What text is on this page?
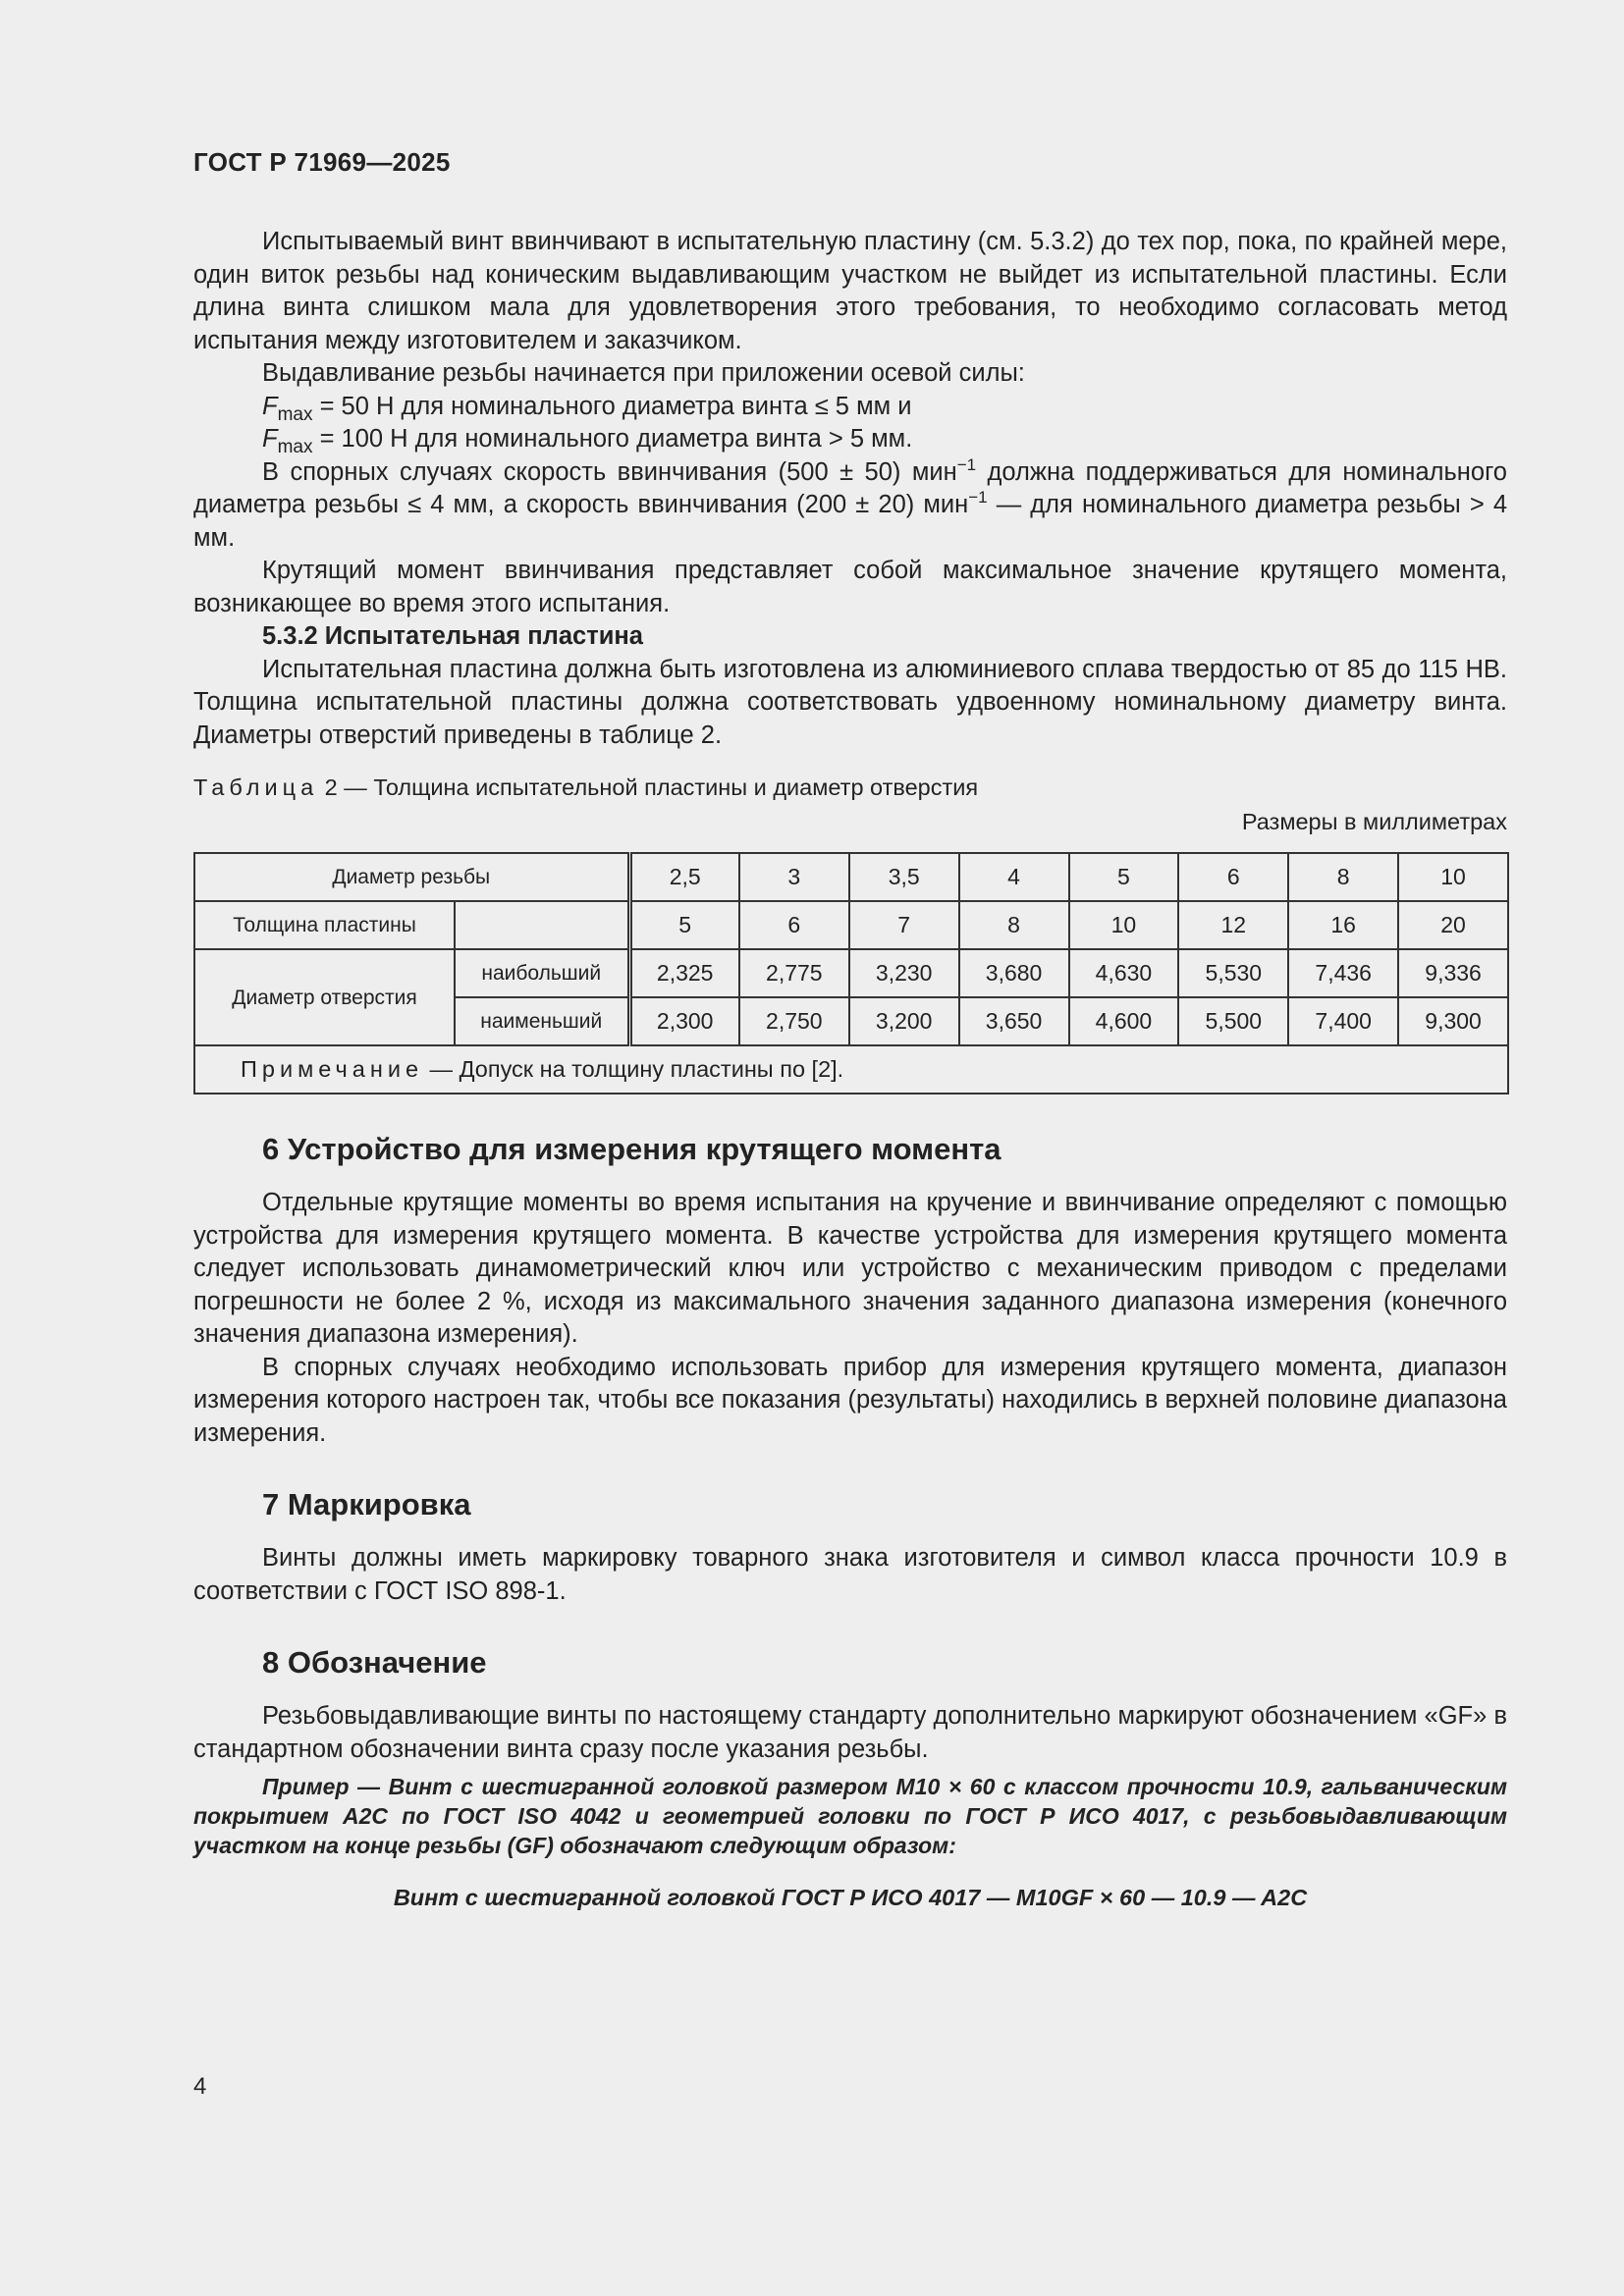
ГОСТ Р 71969—2025

Испытываемый винт ввинчивают в испытательную пластину (см. 5.3.2) до тех пор, пока, по крайней мере, один виток резьбы над коническим выдавливающим участком не выйдет из испытательной пластины. Если длина винта слишком мала для удовлетворения этого требования, то необходимо согласовать метод испытания между изготовителем и заказчиком.

Выдавливание резьбы начинается при приложении осевой силы:

$F_{max} = 50$ Н для номинального диаметра винта ≤ 5 мм и

$F_{max} = 100$ Н для номинального диаметра винта > 5 мм.

В спорных случаях скорость ввинчивания (500 ± 50) мин$^{-1}$ должна поддерживаться для номинального диаметра резьбы ≤ 4 мм, а скорость ввинчивания (200 ± 20) мин$^{-1}$ — для номинального диаметра резьбы > 4 мм.

Крутящий момент ввинчивания представляет собой максимальное значение крутящего момента, возникающее во время этого испытания.

5.3.2 Испытательная пластина

Испытательная пластина должна быть изготовлена из алюминиевого сплава твердостью от 85 до 115 НВ. Толщина испытательной пластины должна соответствовать удвоенному номинальному диаметру винта. Диаметры отверстий приведены в таблице 2.

Таблица 2 — Толщина испытательной пластины и диаметр отверстия
Размеры в миллиметрах
Диаметр резьбы		2,5	3	3,5	4	5	6	8	10
Толщина пластины		5	6	7	8	10	12	16	20
Диаметр отверстия	наибольший	2,325	2,775	3,230	3,680	4,630	5,530	7,436	9,336
	наименьший	2,300	2,750	3,200	3,650	4,600	5,500	7,400	9,300
Примечание — Допуск на толщину пластины по [2].									
6 Устройство для измерения крутящего момента

Отдельные крутящие моменты во время испытания на кручение и ввинчивание определяют с помощью устройства для измерения крутящего момента. В качестве устройства для измерения крутящего момента следует использовать динамометрический ключ или устройство с механическим приводом с пределами погрешности не более 2 %, исходя из максимального значения заданного диапазона измерения (конечного значения диапазона измерения).

В спорных случаях необходимо использовать прибор для измерения крутящего момента, диапазон измерения которого настроен так, чтобы все показания (результаты) находились в верхней половине диапазона измерения.

7 Маркировка

Винты должны иметь маркировку товарного знака изготовителя и символ класса прочности 10.9 в соответствии с ГОСТ ISO 898-1.

8 Обозначение

Резьбовыдавливающие винты по настоящему стандарту дополнительно маркируют обозначением «GF» в стандартном обозначении винта сразу после указания резьбы.

Пример — Винт с шестигранной головкой размером М10 × 60 с классом прочности 10.9, гальваническим покрытием A2C по ГОСТ ISO 4042 и геометрией головки по ГОСТ Р ИСО 4017, с резьбовыдавливающим участком на конце резьбы (GF) обозначают следующим образом:

Винт с шестигранной головкой ГОСТ Р ИСО 4017 — M10GF × 60 — 10.9 — A2C
4
